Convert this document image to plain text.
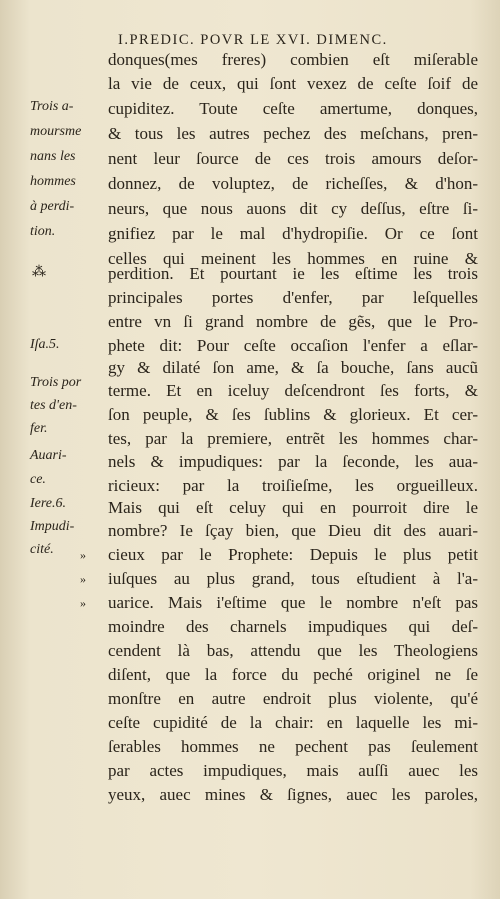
I.PREDIC. POVR LE XVI. DIMENC.
Trois a-
moursme
nans les
hommes
à perdi-
tion.
⁂
Iſa.5.
Trois por
tes d'en-
fer.
Auari-
ce.
Iere.6.
Impudi-
cité.	»
»
»
donques(mes freres) combien eſt miſerable
la vie de ceux, qui ſont vexez de ceſte ſoif de
cupiditez. Toute ceſte amertume, donques,
& tous les autres pechez des meſchans, pren-
nent leur ſource de ces trois amours deſor-
donnez, de voluptez, de richeſſes, & d'hon-
neurs, que nous auons dit cy deſſus, eſtre ſi-
gnifiez par le mal d'hydropiſie. Or ce ſont
celles qui meinent les hommes en ruine &
perdition. Et pourtant ie les eſtime les trois
principales portes d'enfer, par leſquelles
entre vn ſi grand nombre de gẽs, que le Pro-
phete dit: Pour ceſte occaſion l'enfer a eſlar-
gy & dilaté ſon ame, & ſa bouche, ſans aucũ
terme. Et en iceluy deſcendront ſes forts, &
ſon peuple, & ſes ſublins & glorieux. Et cer-
tes, par la premiere, entrẽt les hommes char-
nels & impudiques: par la ſeconde, les aua-
ricieux: par la troiſieſme, les orgueilleux.
Mais qui eſt celuy qui en pourroit dire le
nombre? Ie ſçay bien, que Dieu dit des auari-
cieux par le Prophete: Depuis le plus petit
iuſques au plus grand, tous eſtudient à l'a-
uarice. Mais i'eſtime que le nombre n'eſt pas
moindre des charnels impudiques qui deſ-
cendent là bas, attendu que les Theologiens
diſent, que la force du peché originel ne ſe
monſtre en autre endroit plus violente, qu'é
ceſte cupidité de la chair: en laquelle les mi-
ſerables hommes ne pechent pas ſeulement
par actes impudiques, mais auſſi auec les
yeux, auec mines & ſignes, auec les paroles,
